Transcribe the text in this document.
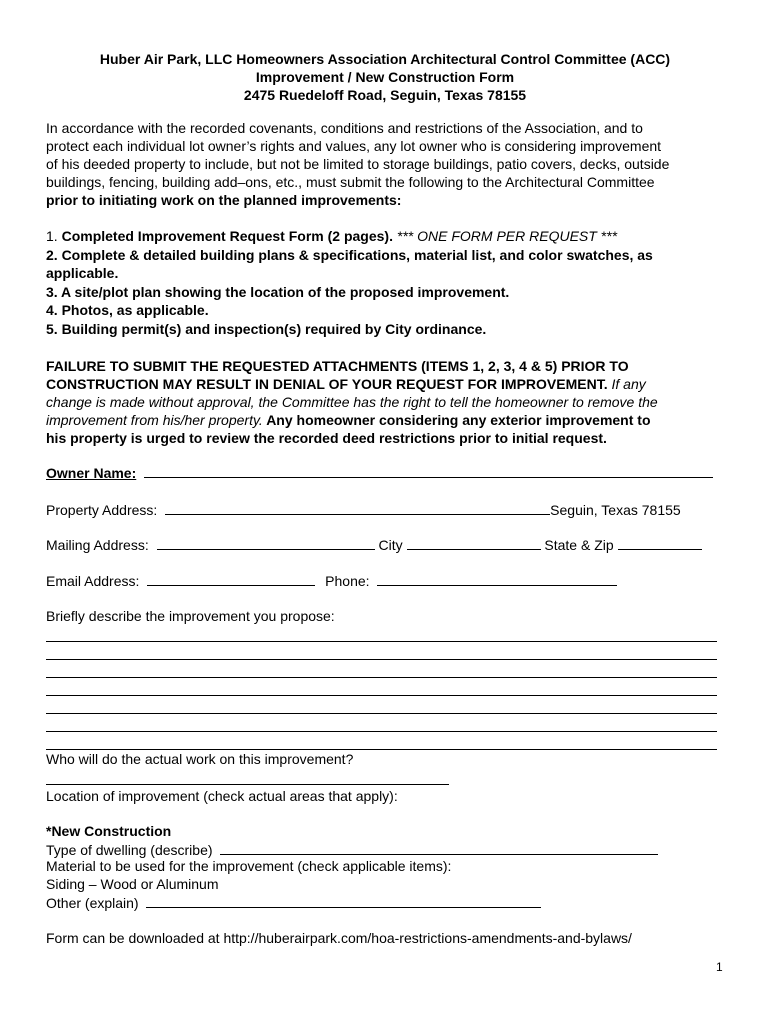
Huber Air Park, LLC Homeowners Association Architectural Control Committee (ACC)
Improvement / New Construction Form
2475 Ruedeloff Road, Seguin, Texas 78155
In accordance with the recorded covenants, conditions and restrictions of the Association, and to
protect each individual lot owner’s rights and values, any lot owner who is considering improvement
of his deeded property to include, but not be limited to storage buildings, patio covers, decks, outside
buildings, fencing, building add–ons, etc., must submit the following to the Architectural Committee
prior to initiating work on the planned improvements:
1. Completed Improvement Request Form (2 pages). *** ONE FORM PER REQUEST ***
2. Complete & detailed building plans & specifications, material list, and color swatches, as
applicable.
3. A site/plot plan showing the location of the proposed improvement.
4. Photos, as applicable.
5. Building permit(s) and inspection(s) required by City ordinance.
FAILURE TO SUBMIT THE REQUESTED ATTACHMENTS (ITEMS 1, 2, 3, 4 & 5) PRIOR TO
CONSTRUCTION MAY RESULT IN DENIAL OF YOUR REQUEST FOR IMPROVEMENT. If any
change is made without approval, the Committee has the right to tell the homeowner to remove the
improvement from his/her property. Any homeowner considering any exterior improvement to
his property is urged to review the recorded deed restrictions prior to initial request.
Owner Name:
Property Address:	Seguin, Texas 78155
Mailing Address:	City	State & Zip
Email Address:	Phone:
Briefly describe the improvement you propose:
Who will do the actual work on this improvement?
Location of improvement (check actual areas that apply):
*New Construction
Type of dwelling (describe)
Material to be used for the improvement (check applicable items):
Siding – Wood or Aluminum
Other (explain)
Form can be downloaded at http://huberairpark.com/hoa-restrictions-amendments-and-bylaws/
1
